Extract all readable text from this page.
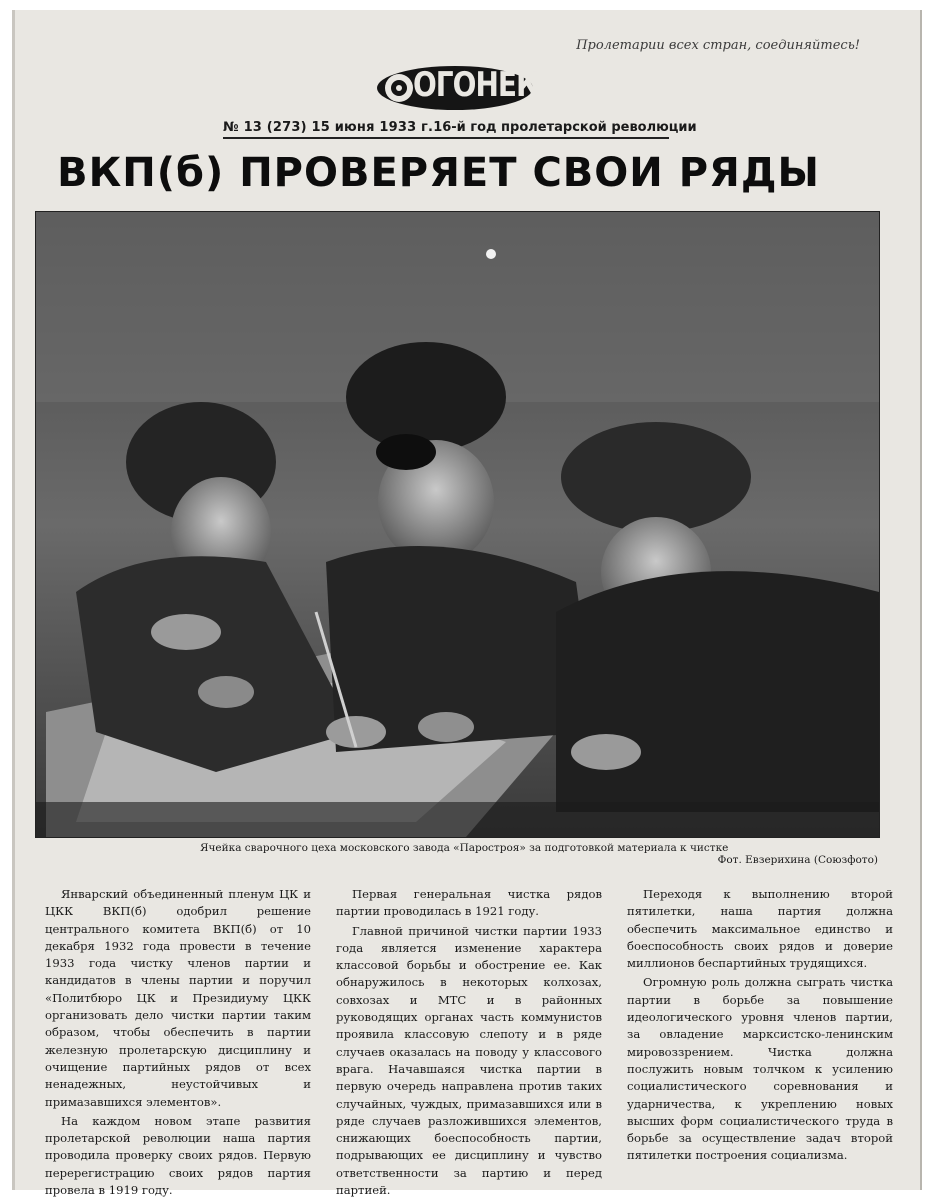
Пролетарии всех стран, соединяйтесь!
ОГОНЕК
№ 13 (273) 15 июня 1933 г. 16-й год пролетарской революции
ВКП(б) ПРОВЕРЯЕТ СВОИ РЯДЫ
Ячейка сварочного цеха московского завода «Паростроя» за подготовкой материала к чистке
Фот. Евзерихина (Союзфото)

Январский объединенный пленум ЦК и ЦКК ВКП(б) одобрил решение центрального комитета ВКП(б) от 10 декабря 1932 года провести в течение 1933 года чистку членов партии и кандидатов в члены партии и поручил «Политбюро ЦК и Президиуму ЦКК организовать дело чистки партии таким образом, чтобы обеспечить в партии железную пролетарскую дисциплину и очищение партийных рядов от всех ненадежных, неустойчивых и примазавшихся элементов».

На каждом новом этапе развития пролетарской революции наша партия проводила проверку своих рядов. Первую перерегистрацию своих рядов партия провела в 1919 году.

Первая генеральная чистка рядов партии проводилась в 1921 году.

Главной причиной чистки партии 1933 года является изменение характера классовой борьбы и обострение ее. Как обнаружилось в некоторых колхозах, совхозах и МТС и в районных руководящих органах часть коммунистов проявила классовую слепоту и в ряде случаев оказалась на поводу у классового врага. Начавшаяся чистка партии в первую очередь направлена против таких случайных, чуждых, примазавшихся или в ряде случаев разложившихся элементов, снижающих боеспособность партии, подрывающих ее дисциплину и чувство ответственности за партию и перед партией.

Переходя к выполнению второй пятилетки, наша партия должна обеспечить максимальное единство и боеспособность своих рядов и доверие миллионов беспартийных трудящихся.

Огромную роль должна сыграть чистка партии в борьбе за повышение идеологического уровня членов партии, за овладение марксистско-ленинским мировоззрением. Чистка должна послужить новым толчком к усилению социалистического соревнования и ударничества, к укреплению новых высших форм социалистического труда в борьбе за осуществление задач второй пятилетки построения социализма.
